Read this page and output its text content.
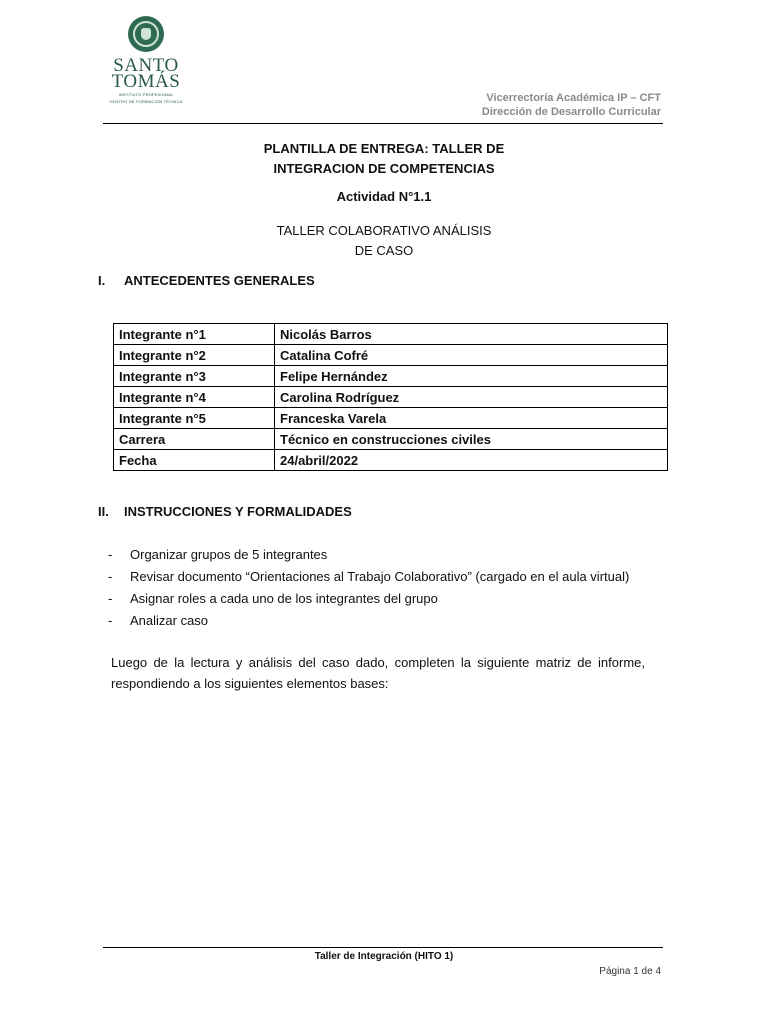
SANTO
TOMÁS
INSTITUTO PROFESIONAL
CENTRO DE FORMACIÓN TÉCNICA	Vicerrectoría Académica IP – CFT
Dirección de Desarrollo Curricular
PLANTILLA DE ENTREGA: TALLER DE
INTEGRACION DE COMPETENCIAS
Actividad N°1.1
TALLER COLABORATIVO ANÁLISIS
DE CASO
I. ANTECEDENTES GENERALES
Integrante n°1	Nicolás Barros
Integrante n°2	Catalina Cofré
Integrante n°3	Felipe Hernández
Integrante n°4	Carolina Rodríguez
Integrante n°5	Franceska Varela
Carrera	Técnico en construcciones civiles
Fecha	24/abril/2022
II. INSTRUCCIONES Y FORMALIDADES
- Organizar grupos de 5 integrantes
- Revisar documento “Orientaciones al Trabajo Colaborativo” (cargado en el aula virtual)
- Asignar roles a cada uno de los integrantes del grupo
- Analizar caso
Luego de la lectura y análisis del caso dado, completen la siguiente matriz de informe, respondiendo a los siguientes elementos bases:
Taller de Integración (HITO 1)
Página 1 de 4
